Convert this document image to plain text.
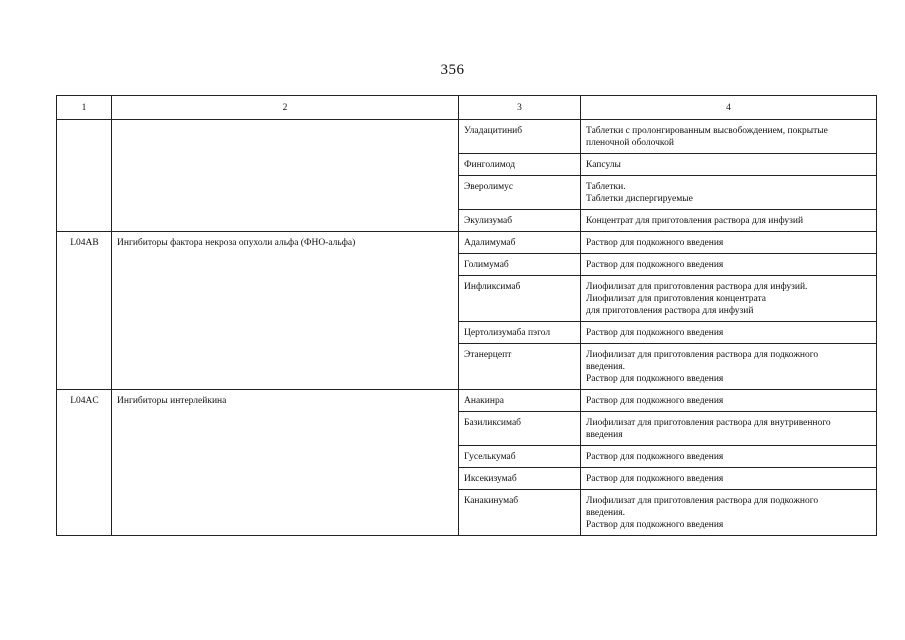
356
1	2	3	4
		Уладацитиниб	Таблетки с пролонгированным высвобождением, покрытые
пленочной оболочкой

		Финголимод	Капсулы

		Эверолимус	Таблетки.
Таблетки диспергируемые

		Экулизумаб	Концентрат для приготовления раствора для инфузий

L04AB	Ингибиторы фактора некроза опухоли альфа (ФНО-альфа)	Адалимумаб	Раствор для подкожного введения

		Голимумаб	Раствор для подкожного введения

		Инфликсимаб	Лиофилизат для приготовления раствора для инфузий.
Лиофилизат для приготовления концентрата
для приготовления раствора для инфузий

		Цертолизумаба пэгол	Раствор для подкожного введения

		Этанерцепт	Лиофилизат для приготовления раствора для подкожного
введения.
Раствор для подкожного введения

L04AC	Ингибиторы интерлейкина	Анакинра	Раствор для подкожного введения

		Базиликсимаб	Лиофилизат для приготовления раствора для внутривенного
введения

		Гуселькумаб	Раствор для подкожного введения

		Иксекизумаб	Раствор для подкожного введения

		Канакинумаб	Лиофилизат для приготовления раствора для подкожного
введения.
Раствор для подкожного введения
